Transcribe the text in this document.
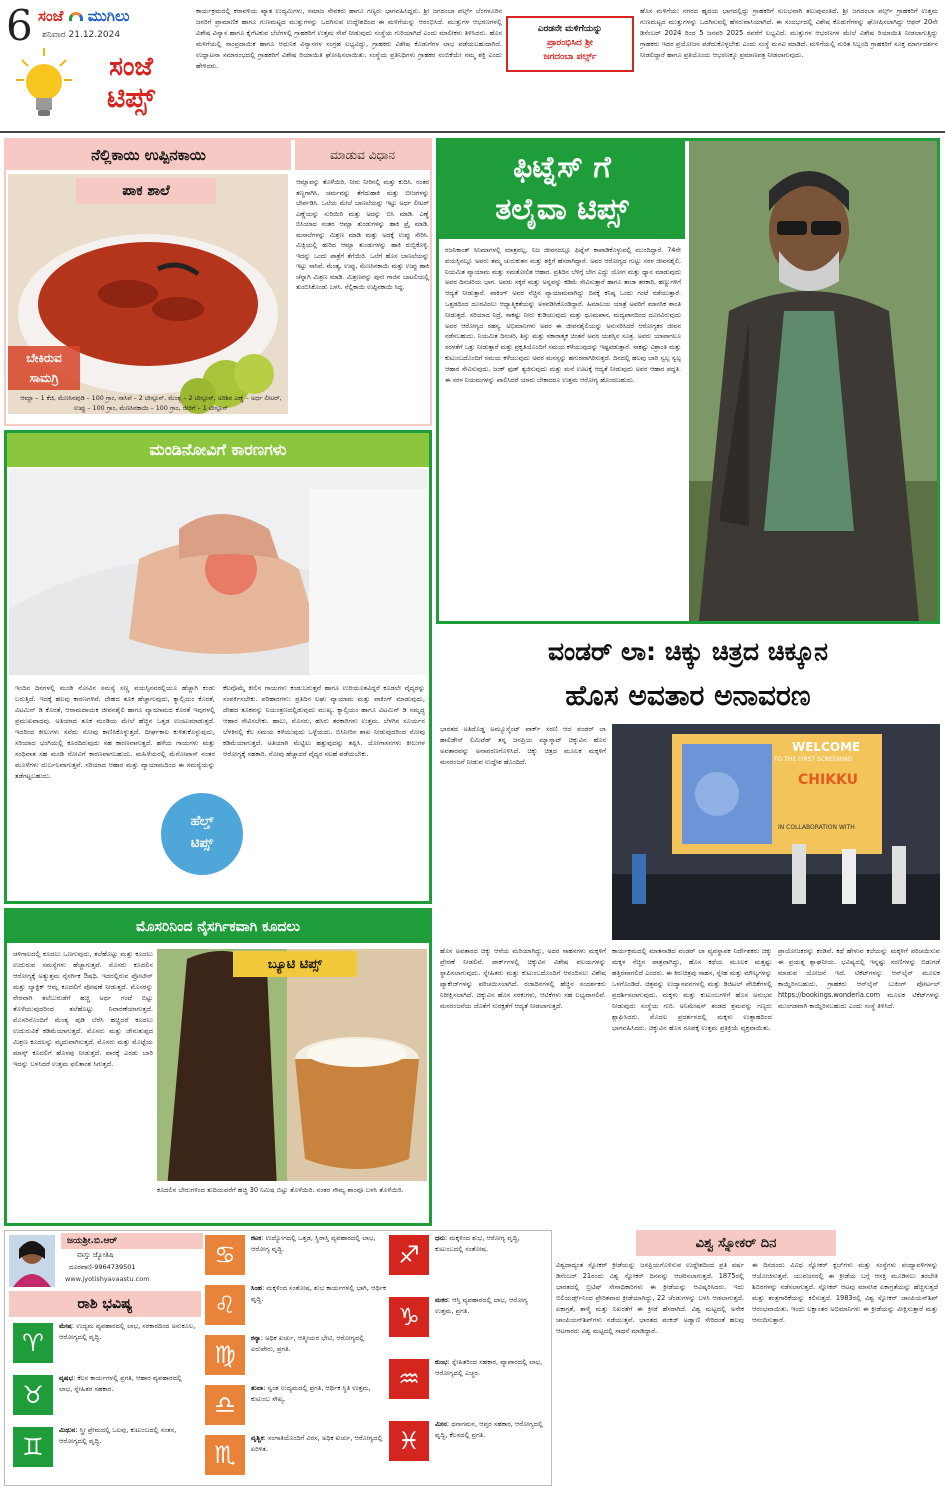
6 ಸಂಜೆ ಮುಗಿಲು
ಶನಿವಾರ 21.12.2024
ಸಂಜೆ
ಟಿಪ್ಸ್
ಕಾರ್ಯಕ್ರಮದಲ್ಲಿ ಕರಾವಳಿಯ ಖ್ಯಾತ ಉದ್ಯಮಿಗಳು, ಸಮಾಜ ಸೇವಕರು ಹಾಗೂ ಗಣ್ಯರು ಭಾಗವಹಿಸಿದ್ದರು. ಶ್ರೀ ಜಗದಂಬಾ ಪರ್ಲ್ಸ್ ಬೆಂಗಳೂರಿನ ಜನರಿಗೆ ಪ್ರಾಮಾಣಿಕ ಹಾಗೂ ಗುಣಮಟ್ಟದ ಮುತ್ತುಗಳನ್ನು ಒದಗಿಸುವ ಉದ್ದೇಶದಿಂದ ಈ ಮಳಿಗೆಯನ್ನು ಆರಂಭಿಸಿದೆ. ಮುತ್ತುಗಳ ಆಭರಣಗಳಲ್ಲಿ ವಿಶೇಷ ವಿನ್ಯಾಸ ಹಾಗೂ ಕೈಗೆಟಕುವ ಬೆಲೆಗಳಲ್ಲಿ ಗ್ರಾಹಕರಿಗೆ ಉತ್ತಮ ಸೇವೆ ನೀಡುವುದು ಸಂಸ್ಥೆಯ ಗುರಿಯಾಗಿದೆ ಎಂದು ಮಾಲೀಕರು ತಿಳಿಸಿದರು. ಹೊಸ ಮಳಿಗೆಯಲ್ಲಿ ಸಾಂಪ್ರದಾಯಿಕ ಹಾಗೂ ಆಧುನಿಕ ವಿನ್ಯಾಸಗಳ ಸಂಗ್ರಹ ಲಭ್ಯವಿದ್ದು, ಗ್ರಾಹಕರು ವಿಶೇಷ ಕೊಡುಗೆಗಳ ಲಾಭ ಪಡೆಯಬಹುದಾಗಿದೆ. ಉದ್ಘಾಟನಾ ಸಮಾರಂಭದಲ್ಲಿ ಗ್ರಾಹಕರಿಗೆ ವಿಶೇಷ ರಿಯಾಯಿತಿ ಘೋಷಿಸಲಾಯಿತು. ಸಂಸ್ಥೆಯ ಪ್ರತಿನಿಧಿಗಳು ಗ್ರಾಹಕರ ನಂಬಿಕೆಯೇ ನಮ್ಮ ಶಕ್ತಿ ಎಂದು ಹೇಳಿದರು.
ಎರಡನೇ ಮಳಿಗೆಯನ್ನು
ಪ್ರಾರಂಭಿಸಿದ ಶ್ರೀ
ಜಗದಂಬಾ ಪರ್ಲ್ಸ್
ಹೊಸ ಮಳಿಗೆಯು ನಗರದ ಹೃದಯ ಭಾಗದಲ್ಲಿದ್ದು ಗ್ರಾಹಕರಿಗೆ ಸುಲಭವಾಗಿ ತಲುಪುವಂತಿದೆ. ಶ್ರೀ ಜಗದಂಬಾ ಪರ್ಲ್ಸ್ ಗ್ರಾಹಕರಿಗೆ ಉತ್ತಮ ಗುಣಮಟ್ಟದ ಮುತ್ತುಗಳನ್ನು ಒದಗಿಸುವಲ್ಲಿ ಹೆಸರುವಾಸಿಯಾಗಿದೆ. ಈ ಸಂದರ್ಭದಲ್ಲಿ ವಿಶೇಷ ಕೊಡುಗೆಗಳನ್ನು ಘೋಷಿಸಲಾಗಿದ್ದು ಆಫರ್ 20ನೇ ಡಿಸೆಂಬರ್ 2024 ರಿಂದ 5 ಜನವರಿ 2025 ರವರೆಗೆ ಲಭ್ಯವಿದೆ. ಮುತ್ತುಗಳ ಆಭರಣಗಳ ಮೇಲೆ ವಿಶೇಷ ರಿಯಾಯಿತಿ ನೀಡಲಾಗುತ್ತಿದ್ದು ಗ್ರಾಹಕರು ಇದರ ಪ್ರಯೋಜನ ಪಡೆದುಕೊಳ್ಳಬೇಕು ಎಂದು ಸಂಸ್ಥೆ ಮನವಿ ಮಾಡಿದೆ. ಮಳಿಗೆಯಲ್ಲಿ ನುರಿತ ಸಿಬ್ಬಂದಿ ಗ್ರಾಹಕರಿಗೆ ಸೂಕ್ತ ಮಾರ್ಗದರ್ಶನ ನೀಡಲಿದ್ದಾರೆ ಹಾಗೂ ಪ್ರತಿಯೊಂದು ಆಭರಣಕ್ಕೂ ಪ್ರಮಾಣಪತ್ರ ನೀಡಲಾಗುವುದು.
ನೆಲ್ಲಿಕಾಯಿ ಉಪ್ಪಿನಕಾಯಿ	ಮಾಡುವ ವಿಧಾನ
ಪಾಕ ಶಾಲೆ
ಬೇಕಿರುವ
ಸಾಮಗ್ರಿ
ಆಮ್ಲಾವನ್ನು ತೊಳೆಯಿರಿ, ನೀರು ನೀರಿನಲ್ಲಿ ಮತ್ತು ಕುದಿಸಿ. ನಂತರ ತಣ್ಣಗಾಗಿಸಿ, ಚರ್ಮವನ್ನು ತೆಗೆದುಹಾಕಿ ಮತ್ತು ಬೀಜಗಳನ್ನು ಬೇರ್ಪಡಿಸಿ. ಒಲೆಯ ಮೇಲೆ ಬಾಣಲೆಯನ್ನು ಇಟ್ಟು ಅರ್ಧ ಲೀಟರ್ ಎಣ್ಣೆಯನ್ನು ಸುರಿಯಿರಿ ಮತ್ತು ಅದನ್ನು ಬಿಸಿ ಮಾಡಿ. ಎಣ್ಣೆ ಬಿಸಿಯಾದ ನಂತರ ಆಮ್ಲಾ ತುಂಡುಗಳನ್ನು ಹಾಕಿ ಫ್ರೈ ಮಾಡಿ. ಮಸಾಲೆಗಳನ್ನು ಮಿಶ್ರಣ ಮಾಡಿ ಮತ್ತು ಅದಕ್ಕೆ ಉಪ್ಪು ಸೇರಿಸಿ. ಮಿಕ್ಸಿಯಲ್ಲಿ ಹುರಿದ ಆಮ್ಲಾ ತುಂಡುಗಳನ್ನು ಹಾಕಿ ರುಬ್ಬಿಕೊಳ್ಳಿ. ಇದನ್ನು ಒಂದು ಪಾತ್ರೆಗೆ ತೆಗೆಯಿರಿ. ಒಲೆಗೆ ಹೊಸ ಬಾಣಲೆಯನ್ನು ಇಟ್ಟು ಸಾಸಿವೆ, ಮೆಂತ್ಯ, ಉಪ್ಪು, ಮೆಣಸಿನಕಾಯಿ ಮತ್ತು ಉಪ್ಪು ಹಾಕಿ ಚೆನ್ನಾಗಿ ಮಿಶ್ರಣ ಮಾಡಿ. ಮಿಶ್ರಣವನ್ನು ಪುನಃ ಗಾಜಿನ ಬಾಟಲಿಯಲ್ಲಿ ತುಂಬಿಸಿಕೊಂಡು ಬಳಸಿ. ನೆಲ್ಲಿಕಾಯಿ ಉಪ್ಪಿನಕಾಯಿ ಸಿದ್ಧ.
ಆಮ್ಲಾ – 1 ಕೆಜಿ, ಮೆಣಸಿನಪುಡಿ – 100 ಗ್ರಾಂ, ಸಾಸಿವೆ – 2 ಟೀಸ್ಪೂನ್, ಮೆಂತ್ಯ – 2 ಟೀಸ್ಪೂನ್, ಅರಿಶಿನ ಎಣ್ಣೆ – ಅರ್ಧ ಲೀಟರ್, ಉಪ್ಪು – 100 ಗ್ರಾಂ, ಮೆಣಸಿನಕಾಯಿ – 100 ಗ್ರಾಂ, ಜೀರಿಗೆ – 1 ಟೀಸ್ಪೂನ್
ಫಿಟ್ನೆಸ್ ಗೆ
ತಲೈವಾ ಟಿಪ್ಸ್
ರಜನಿಕಾಂತ್ ಸಿನಿಮಾಗಳಲ್ಲಿ ಮಾತ್ರವಲ್ಲ, ನಿಜ ಜೀವನದಲ್ಲೂ ಫಿಟ್ನೆಸ್ ಕಾಪಾಡಿಕೊಳ್ಳುವಲ್ಲಿ ಮುಂದಿದ್ದಾರೆ. 74ನೇ ವಯಸ್ಸಿನಲ್ಲೂ ಅವರು ತಮ್ಮ ಚುರುಕುತನ ಮತ್ತು ಶಕ್ತಿಗೆ ಹೆಸರಾಗಿದ್ದಾರೆ. ಅವರ ಆರೋಗ್ಯದ ಗುಟ್ಟು ಸರಳ ಜೀವನಶೈಲಿ, ನಿಯಮಿತ ವ್ಯಾಯಾಮ ಮತ್ತು ಸಮತೋಲಿತ ಆಹಾರ. ಪ್ರತಿದಿನ ಬೆಳಿಗ್ಗೆ ಬೇಗ ಎದ್ದು ಯೋಗ ಮತ್ತು ಧ್ಯಾನ ಮಾಡುವುದು ಅವರ ದಿನಚರಿಯ ಭಾಗ. ಅವರು ಸಕ್ಕರೆ ಮತ್ತು ಅನ್ನವನ್ನು ಕಡಿಮೆ ಸೇವಿಸುತ್ತಾರೆ ಹಾಗೂ ತಾಜಾ ತರಕಾರಿ, ಹಣ್ಣುಗಳಿಗೆ ಆದ್ಯತೆ ನೀಡುತ್ತಾರೆ. ವಾಕಿಂಗ್ ಅವರ ನೆಚ್ಚಿನ ವ್ಯಾಯಾಮವಾಗಿದ್ದು ದಿನಕ್ಕೆ ಕನಿಷ್ಠ ಒಂದು ಗಂಟೆ ನಡೆಯುತ್ತಾರೆ. ಒತ್ತಡದಿಂದ ದೂರವಿರಲು ಆಧ್ಯಾತ್ಮಿಕತೆಯನ್ನು ಅಳವಡಿಸಿಕೊಂಡಿದ್ದಾರೆ. ಹಿಮಾಲಯ ಯಾತ್ರೆ ಅವರಿಗೆ ಮಾನಸಿಕ ಶಾಂತಿ ನೀಡುತ್ತದೆ. ಸರಿಯಾದ ನಿದ್ರೆ, ಸಾಕಷ್ಟು ನೀರು ಕುಡಿಯುವುದು ಮತ್ತು ಧೂಮಪಾನ, ಮದ್ಯಪಾನದಿಂದ ದೂರವಿರುವುದು ಅವರ ಆರೋಗ್ಯದ ರಹಸ್ಯ. ಅಭಿಮಾನಿಗಳು ಅವರ ಈ ಜೀವನಶೈಲಿಯನ್ನು ಅನುಸರಿಸಿದರೆ ಆರೋಗ್ಯಕರ ಜೀವನ ನಡೆಸಬಹುದು. ನಿಯಮಿತ ದಿನಚರಿ, ಶಿಸ್ತು ಮತ್ತು ಸಕಾರಾತ್ಮಕ ಚಿಂತನೆ ಅವರ ಯಶಸ್ಸಿನ ಸೂತ್ರ. ಅವರು ಯಾವಾಗಲೂ ಸರಳತೆಗೆ ಒತ್ತು ನೀಡುತ್ತಾರೆ ಮತ್ತು ಪ್ರಕೃತಿಯೊಂದಿಗೆ ಸಮಯ ಕಳೆಯುವುದನ್ನು ಇಷ್ಟಪಡುತ್ತಾರೆ. ಸಾಕಷ್ಟು ವಿಶ್ರಾಂತಿ ಮತ್ತು ಕುಟುಂಬದೊಂದಿಗೆ ಸಮಯ ಕಳೆಯುವುದು ಅವರ ಮನಸ್ಸನ್ನು ಹಗುರವಾಗಿರಿಸುತ್ತದೆ. ದಿನದಲ್ಲಿ ಹಲವು ಬಾರಿ ಸ್ವಲ್ಪ ಸ್ವಲ್ಪ ಆಹಾರ ಸೇವಿಸುವುದು, ಜಂಕ್ ಫುಡ್ ತ್ಯಜಿಸುವುದು ಮತ್ತು ಮನೆ ಊಟಕ್ಕೆ ಆದ್ಯತೆ ನೀಡುವುದು ಅವರ ಆಹಾರ ಪದ್ಧತಿ. ಈ ಸರಳ ನಿಯಮಗಳನ್ನು ಪಾಲಿಸಿದರೆ ಯಾರು ಬೇಕಾದರೂ ಉತ್ತಮ ಆರೋಗ್ಯ ಹೊಂದಬಹುದು.
ಮಂಡಿನೋವಿಗೆ ಕಾರಣಗಳು
ಇಂದಿನ ದಿನಗಳಲ್ಲಿ ಮಂಡಿ ನೋವಿನ ಸಮಸ್ಯೆ ಸಣ್ಣ ವಯಸ್ಸಿನವರಲ್ಲಿಯೂ ಹೆಚ್ಚಾಗಿ ಕಂಡು ಬರುತ್ತಿದೆ. ಇದಕ್ಕೆ ಹಲವು ಕಾರಣಗಳಿವೆ. ದೇಹದ ತೂಕ ಹೆಚ್ಚಾಗುವುದು, ಕ್ಯಾಲ್ಸಿಯಂ ಕೊರತೆ, ವಿಟಮಿನ್ ಡಿ ಕೊರತೆ, ಆರಾಮದಾಯಕ ಜೀವನಶೈಲಿ ಹಾಗೂ ವ್ಯಾಯಾಮದ ಕೊರತೆ ಇವುಗಳಲ್ಲಿ ಪ್ರಮುಖವಾದವು. ಅತಿಯಾದ ತೂಕ ಮಂಡಿಯ ಮೇಲೆ ಹೆಚ್ಚಿನ ಒತ್ತಡ ಉಂಟುಮಾಡುತ್ತದೆ. ಇದರಿಂದ ಕೀಲುಗಳು ಸವೆದು ನೋವು ಕಾಣಿಸಿಕೊಳ್ಳುತ್ತದೆ. ದೀರ್ಘಕಾಲ ಕುಳಿತುಕೊಳ್ಳುವುದು, ಸರಿಯಾದ ಭಂಗಿಯಲ್ಲಿ ಕೂರದಿರುವುದು ಸಹ ಕಾರಣವಾಗುತ್ತದೆ. ಹಳೆಯ ಗಾಯಗಳು ಮತ್ತು ಸಂಧಿವಾತ ಸಹ ಮಂಡಿ ನೋವಿಗೆ ಕಾರಣವಾಗಬಹುದು. ಮಹಿಳೆಯರಲ್ಲಿ ಮೆನೋಪಾಸ್ ನಂತರ ಮೂಳೆಗಳು ದುರ್ಬಲವಾಗುತ್ತವೆ. ಸರಿಯಾದ ಆಹಾರ ಮತ್ತು ವ್ಯಾಯಾಮದಿಂದ ಈ ಸಮಸ್ಯೆಯನ್ನು ತಡೆಗಟ್ಟಬಹುದು.
ಹೆಲ್ತ್
ಟಿಪ್ಸ್
ಕೆಲವೊಮ್ಮೆ ಕೀಲಿನ ಗಾಯಗಳು ಕಂಡುಬರುತ್ತವೆ ಹಾಗೂ ಉರಿಯೂತವಿದ್ದರೆ ಕೂಡಲೇ ವೈದ್ಯರನ್ನು ಸಂಪರ್ಕಿಸಬೇಕು. ಪರಿಹಾರಗಳು: ಪ್ರತಿದಿನ ಲಘು ವ್ಯಾಯಾಮ ಮತ್ತು ವಾಕಿಂಗ್ ಮಾಡುವುದು, ದೇಹದ ತೂಕವನ್ನು ನಿಯಂತ್ರಣದಲ್ಲಿಡುವುದು ಮುಖ್ಯ. ಕ್ಯಾಲ್ಸಿಯಂ ಹಾಗೂ ವಿಟಮಿನ್ ಡಿ ಸಮೃದ್ಧ ಆಹಾರ ಸೇವಿಸಬೇಕು. ಹಾಲು, ಮೊಸರು, ಹಸಿರು ತರಕಾರಿಗಳು ಉತ್ತಮ. ಬೆಳಗಿನ ಸೂರ್ಯನ ಬೆಳಕಿನಲ್ಲಿ ಕೆಲ ಸಮಯ ಕಳೆಯುವುದು ಒಳ್ಳೆಯದು. ಬಿಸಿನೀರಿನ ಶಾಖ ನೀಡುವುದರಿಂದ ನೋವು ಕಡಿಮೆಯಾಗುತ್ತದೆ. ಅತಿಯಾಗಿ ಮೆಟ್ಟಿಲು ಹತ್ತುವುದನ್ನು ತಪ್ಪಿಸಿ. ಯೋಗಾಸನಗಳು ಕೀಲುಗಳ ಆರೋಗ್ಯಕ್ಕೆ ಸಹಕಾರಿ. ನೋವು ಹೆಚ್ಚಾದರೆ ವೈದ್ಯರ ಸಲಹೆ ಪಡೆಯಬೇಕು.
ವಂಡರ್ ಲಾ: ಚಿಕ್ಕು ಚಿತ್ರದ ಚಿಕ್ಕೂನ
ಹೊಸ ಅವತಾರ ಅನಾವರಣ
ಭಾರತದ ಅತಿದೊಡ್ಡ ಅಮ್ಯೂಸ್ಮೆಂಟ್ ಪಾರ್ಕ್ ಸರಣಿ ಆದ ವಂಡರ್ ಲಾ ಹಾಲಿಡೇಸ್ ಲಿಮಿಟೆಡ್ ತನ್ನ ಜನಪ್ರಿಯ ಮ್ಯಾಸ್ಕಾಟ್ ಚಿಕ್ಕುವಿನ ಹೊಸ ಅವತಾರವನ್ನು ಅನಾವರಣಗೊಳಿಸಿದೆ. ಚಿಕ್ಕು ಚಿತ್ರದ ಮೂಲಕ ಮಕ್ಕಳಿಗೆ ಮನರಂಜನೆ ನೀಡುವ ಉದ್ದೇಶ ಹೊಂದಿದೆ.
WELCOME
TO THE FIRST SCREENING
CHIKKU
IN COLLABORATION WITH
ಕಾರ್ಯಕ್ರಮದಲ್ಲಿ ಮಾತನಾಡಿದ ವಂಡರ್ ಲಾ ವ್ಯವಸ್ಥಾಪಕ ನಿರ್ದೇಶಕರು ಚಿಕ್ಕು ಮಕ್ಕಳ ನೆಚ್ಚಿನ ಪಾತ್ರವಾಗಿದ್ದು, ಹೊಸ ಕಥೆಯ ಮೂಲಕ ಮತ್ತಷ್ಟು ಹತ್ತಿರವಾಗಲಿದೆ ಎಂದರು. ಈ ಕಿರುಚಿತ್ರವು ಸಾಹಸ, ಸ್ನೇಹ ಮತ್ತು ಮೌಲ್ಯಗಳನ್ನು ಒಳಗೊಂಡಿದೆ. ಚಿತ್ರವನ್ನು ಉದ್ಯಾನವನಗಳಲ್ಲಿ ಮತ್ತು ಡಿಜಿಟಲ್ ವೇದಿಕೆಗಳಲ್ಲಿ ಪ್ರದರ್ಶಿಸಲಾಗುವುದು. ಮಕ್ಕಳು ಮತ್ತು ಕುಟುಂಬಗಳಿಗೆ ಹೊಸ ಅನುಭವ ನೀಡುವುದು ಸಂಸ್ಥೆಯ ಗುರಿ. ಅನಿಮೇಷನ್ ತಂಡದ ಶ್ರಮವನ್ನು ಗಣ್ಯರು ಶ್ಲಾಘಿಸಿದರು. ಮೊದಲ ಪ್ರದರ್ಶನದಲ್ಲಿ ಮಕ್ಕಳು ಉತ್ಸಾಹದಿಂದ ಭಾಗವಹಿಸಿದರು. ಚಿಕ್ಕುವಿನ ಹೊಸ ರೂಪಕ್ಕೆ ಉತ್ತಮ ಪ್ರತಿಕ್ರಿಯೆ ವ್ಯಕ್ತವಾಯಿತು.
ಹೊಸ ಅವತಾರದ ಚಿಕ್ಕು ಆನೆಯ ಮರಿಯಾಗಿದ್ದು, ಅದರ ಸಾಹಸಗಳು ಮಕ್ಕಳಿಗೆ ಪ್ರೇರಣೆ ನೀಡಲಿವೆ. ಪಾರ್ಕ್‌ಗಳಲ್ಲಿ ಚಿಕ್ಕುವಿನ ವಿಶೇಷ ವಲಯಗಳನ್ನು ಸ್ಥಾಪಿಸಲಾಗುವುದು. ಸ್ನೇಹಿತರು ಮತ್ತು ಕುಟುಂಬದೊಂದಿಗೆ ಆನಂದಿಸಲು ವಿಶೇಷ ಪ್ಯಾಕೇಜ್‌ಗಳನ್ನು ಪರಿಚಯಿಸಲಾಗಿದೆ. ರಜಾದಿನಗಳಲ್ಲಿ ಹೆಚ್ಚಿನ ಸಂದರ್ಶಕರು ನಿರೀಕ್ಷಿಸಲಾಗಿದೆ. ಚಿಕ್ಕುವಿನ ಹೊಸ ಸರಕುಗಳು, ಆಟಿಕೆಗಳು ಸಹ ಲಭ್ಯವಾಗಲಿವೆ. ಮನರಂಜನೆಯ ಜೊತೆಗೆ ಸುರಕ್ಷತೆಗೆ ಆದ್ಯತೆ ನೀಡಲಾಗುತ್ತದೆ.
ಪ್ರಾಯೋಜಕರನ್ನು ಕಂಡಿವೆ. ಕಥೆ ಹೇಳುವ ಕಲೆಯನ್ನು ಮಕ್ಕಳಿಗೆ ಪರಿಚಯಿಸುವ ಈ ಪ್ರಯತ್ನ ಶ್ಲಾಘನೀಯ. ಭವಿಷ್ಯದಲ್ಲಿ ಇನ್ನಷ್ಟು ಸರಣಿಗಳನ್ನು ಬಿಡುಗಡೆ ಮಾಡುವ ಯೋಜನೆ ಇದೆ. ಟಿಕೆಟ್‌ಗಳನ್ನು ಆನ್‌ಲೈನ್ ಮೂಲಕ ಕಾಯ್ದಿರಿಸಬಹುದು. ಗ್ರಾಹಕರು ಆನ್‌ಲೈನ್ ಬುಕಿಂಗ್ ಪೋರ್ಟಲ್ https://bookings.wonderla.com ಮೂಲಕ ಟಿಕೆಟ್‌ಗಳನ್ನು ಮುಂಗಡವಾಗಿ ಕಾಯ್ದಿರಿಸಬಹುದು ಎಂದು ಸಂಸ್ಥೆ ತಿಳಿಸಿದೆ.
ಮೊಸರಿನಿಂದ ನೈಸರ್ಗಿಕವಾಗಿ ಕೂದಲು
ಚಳಿಗಾಲದಲ್ಲಿ ಕೂದಲು ಒಣಗುವುದು, ತಲೆಹೊಟ್ಟು ಮತ್ತು ಕೂದಲು ಉದುರುವ ಸಮಸ್ಯೆಗಳು ಹೆಚ್ಚಾಗುತ್ತವೆ. ಮೊಸರು ಕೂದಲಿನ ಆರೋಗ್ಯಕ್ಕೆ ಅತ್ಯುತ್ತಮ ನೈಸರ್ಗಿಕ ಔಷಧಿ. ಇದರಲ್ಲಿರುವ ಪ್ರೋಟೀನ್ ಮತ್ತು ಲ್ಯಾಕ್ಟಿಕ್ ಆಮ್ಲ ಕೂದಲಿಗೆ ಪೋಷಣೆ ನೀಡುತ್ತದೆ. ಮೊಸರನ್ನು ನೇರವಾಗಿ ತಲೆಬುರುಡೆಗೆ ಹಚ್ಚಿ ಅರ್ಧ ಗಂಟೆ ಬಿಟ್ಟು ತೊಳೆಯುವುದರಿಂದ ತಲೆಹೊಟ್ಟು ನಿವಾರಣೆಯಾಗುತ್ತದೆ. ಮೊಸರಿನೊಂದಿಗೆ ಮೆಂತ್ಯ ಪುಡಿ ಬೆರೆಸಿ ಹಚ್ಚಿದರೆ ಕೂದಲು ಉದುರುವಿಕೆ ಕಡಿಮೆಯಾಗುತ್ತದೆ. ಮೊಸರು ಮತ್ತು ಜೇನುತುಪ್ಪದ ಮಿಶ್ರಣ ಕೂದಲನ್ನು ಮೃದುವಾಗಿಸುತ್ತದೆ. ಮೊಸರು ಮತ್ತು ಮೊಟ್ಟೆಯ ಮಾಸ್ಕ್ ಕೂದಲಿಗೆ ಹೊಳಪು ನೀಡುತ್ತದೆ. ವಾರಕ್ಕೆ ಎರಡು ಬಾರಿ ಇದನ್ನು ಬಳಸಿದರೆ ಉತ್ತಮ ಫಲಿತಾಂಶ ಸಿಗುತ್ತದೆ.
ಬ್ಯೂಟಿ ಟಿಪ್ಸ್
ಕೂದಲಿನ ಬೇರುಗಳಿಂದ ತುದಿಯವರೆಗೆ ಹಚ್ಚಿ 30 ನಿಮಿಷ ಬಿಟ್ಟು ತೊಳೆಯಿರಿ. ನಂತರ ಸೌಮ್ಯ ಶಾಂಪೂ ಬಳಸಿ ತೊಳೆಯಿರಿ.
ಜಯಶ್ರೀ.ಬಿ.ಆರ್
ವಾಸ್ತು ಜ್ಯೋತಿಷಿ
ದೂರವಾಣಿ-9964739501
www.jyotishyavaastu.com
ರಾಶಿ ಭವಿಷ್ಯ
♈
ಮೇಷ: ಉದ್ಯಮ ವ್ಯವಹಾರದಲ್ಲಿ ಲಾಭ, ಸರಕಾರದಿಂದ ಅನುಕೂಲ, ಆರೋಗ್ಯದಲ್ಲಿ ವೃದ್ಧಿ.
♉
ವೃಷಭ: ಕೆಲಸ ಕಾರ್ಯಗಳಲ್ಲಿ ಪ್ರಗತಿ, ಆಹಾರ ವ್ಯವಹಾರದಲ್ಲಿ ಲಾಭ, ಸ್ನೇಹಿತರ ಸಹಕಾರ.
♊
ಮಿಥುನ: ಸ್ತ್ರೀ ಪ್ರೇಮದಲ್ಲಿ ಒಲವು, ಕುಟುಂಬದಲ್ಲಿ ಸಂತಸ, ಆರೋಗ್ಯದಲ್ಲಿ ವೃದ್ಧಿ.
♋
ಕಟಕ: ಉದ್ಯೋಗದಲ್ಲಿ ಒತ್ತಡ, ಸ್ಥಿರಾಸ್ತಿ ವ್ಯವಹಾರದಲ್ಲಿ ಲಾಭ, ಆರೋಗ್ಯ ವೃದ್ಧಿ.
♌
ಸಿಂಹ: ಮಕ್ಕಳಿಂದ ಸಂತೋಷ, ಶುಭ ಕಾರ್ಯಗಳಲ್ಲಿ ಭಾಗಿ, ಆರ್ಥಿಕ ವೃದ್ಧಿ.
♍
ಕನ್ಯಾ: ಅಧಿಕ ಖರ್ಚು, ಆತ್ಮೀಯರ ಭೇಟಿ, ಆರೋಗ್ಯದಲ್ಲಿ ಏರುಪೇರು, ಪ್ರಗತಿ.
♎
ತುಲಾ: ಸ್ವಂತ ಉದ್ಯಮದಲ್ಲಿ ಪ್ರಗತಿ, ಆರ್ಥಿಕ ಸ್ಥಿತಿ ಉತ್ತಮ, ಕುಟುಂಬ ಸೌಖ್ಯ.
♏
ವೃಶ್ಚಿಕ: ಸಂಗಾತಿಯೊಂದಿಗೆ ವಿರಸ, ಅಧಿಕ ಖರ್ಚು, ಆರೋಗ್ಯದಲ್ಲಿ ಏರಿಳಿತ.
♐
ಧನು: ಮಕ್ಕಳಿಂದ ಶುಭ, ಆರೋಗ್ಯ ವೃದ್ಧಿ, ಕುಟುಂಬದಲ್ಲಿ ಸಂತೋಷ.
♑
ಮಕರ: ಆಸ್ತಿ ವ್ಯವಹಾರದಲ್ಲಿ ಲಾಭ, ಆರೋಗ್ಯ ಉತ್ತಮ, ಪ್ರಗತಿ.
♒
ಕುಂಭ: ಸ್ನೇಹಿತರಿಂದ ಸಹಕಾರ, ವ್ಯಾಪಾರದಲ್ಲಿ ಲಾಭ, ಆರೋಗ್ಯದಲ್ಲಿ ಎಚ್ಚರ.
♓
ಮೀನ: ಧನಾಗಮನ, ಆಪ್ತರ ಸಹಕಾರ, ಆರೋಗ್ಯದಲ್ಲಿ ವೃದ್ಧಿ, ಕೆಲಸದಲ್ಲಿ ಪ್ರಗತಿ.
ವಿಶ್ವ ಸ್ನೋಕರ್ ದಿನ
ವಿಶ್ವದಾದ್ಯಂತ ಸ್ನೋಕರ್ ಕ್ರೀಡೆಯನ್ನು ಜನಪ್ರಿಯಗೊಳಿಸುವ ಉದ್ದೇಶದಿಂದ ಪ್ರತಿ ವರ್ಷ ಡಿಸೆಂಬರ್ 21ರಂದು ವಿಶ್ವ ಸ್ನೋಕರ್ ದಿನವನ್ನು ಆಚರಿಸಲಾಗುತ್ತದೆ. 1875ರಲ್ಲಿ ಭಾರತದಲ್ಲಿ ಬ್ರಿಟಿಷ್ ಸೇನಾಧಿಕಾರಿಗಳು ಈ ಕ್ರೀಡೆಯನ್ನು ಆವಿಷ್ಕರಿಸಿದರು. ಇದು ಬಿಲಿಯರ್ಡ್ಸ್‌ನಿಂದ ಪ್ರೇರಿತವಾದ ಕ್ರೀಡೆಯಾಗಿದ್ದು, 22 ಚೆಂಡುಗಳನ್ನು ಬಳಸಿ ಆಡಲಾಗುತ್ತದೆ. ಏಕಾಗ್ರತೆ, ತಾಳ್ಮೆ ಮತ್ತು ನಿಖರತೆಗೆ ಈ ಕ್ರೀಡೆ ಹೆಸರಾಗಿದೆ. ವಿಶ್ವ ಮಟ್ಟದಲ್ಲಿ ಅನೇಕ ಚಾಂಪಿಯನ್‌ಶಿಪ್‌ಗಳು ನಡೆಯುತ್ತವೆ. ಭಾರತದ ಪಂಕಜ್ ಅಡ್ವಾಣಿ ಸೇರಿದಂತೆ ಹಲವು ಆಟಗಾರರು ವಿಶ್ವ ಮಟ್ಟದಲ್ಲಿ ಸಾಧನೆ ಮಾಡಿದ್ದಾರೆ.
ಈ ದಿನದಂದು ವಿವಿಧ ಸ್ನೋಕರ್ ಕ್ಲಬ್‌ಗಳು ಮತ್ತು ಸಂಸ್ಥೆಗಳು ಪಂದ್ಯಾವಳಿಗಳನ್ನು ಆಯೋಜಿಸುತ್ತವೆ. ಯುವಜನರಲ್ಲಿ ಈ ಕ್ರೀಡೆಯ ಬಗ್ಗೆ ಆಸಕ್ತಿ ಮೂಡಿಸಲು ತರಬೇತಿ ಶಿಬಿರಗಳನ್ನು ನಡೆಸಲಾಗುತ್ತದೆ. ಸ್ನೋಕರ್ ಆಟವು ಮಾನಸಿಕ ಏಕಾಗ್ರತೆಯನ್ನು ಹೆಚ್ಚಿಸುತ್ತದೆ ಮತ್ತು ತಂತ್ರಗಾರಿಕೆಯನ್ನು ಕಲಿಸುತ್ತದೆ. 1983ರಲ್ಲಿ ವಿಶ್ವ ಸ್ನೋಕರ್ ಚಾಂಪಿಯನ್‌ಶಿಪ್ ಆರಂಭವಾಯಿತು. ಇಂದು ಲಕ್ಷಾಂತರ ಅಭಿಮಾನಿಗಳು ಈ ಕ್ರೀಡೆಯನ್ನು ವೀಕ್ಷಿಸುತ್ತಾರೆ ಮತ್ತು ಆನಂದಿಸುತ್ತಾರೆ.
